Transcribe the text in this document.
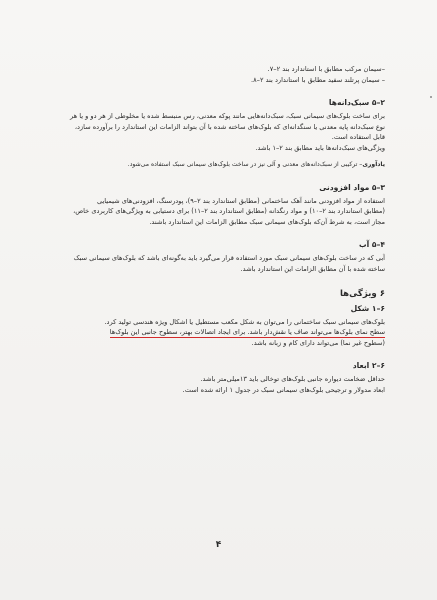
–سیمان مرکب مطابق با استاندارد بند ۲–۷.
– سیمان پرتلند سفید مطابق با استاندارد بند ۲–۸.
۲–۵ سبک‌دانه‌ها
برای ساخت بلوک‌های سیمانی سبک، سبک‌دانه‌هایی مانند پوکه معدنی، رس منبسط شده یا مخلوطی از هر دو و یا هر
نوع سبک‌دانه پایه معدنی یا سنگدانه‌ای که بلوک‌های ساخته شده با آن بتواند الزامات این استاندارد را برآورده سازد،
قابل استفاده است.
ویژگی‌های سبک‌دانه‌ها باید مطابق بند ۲–۱ باشد.
یادآوری– ترکیبی از سبک‌دانه‌های معدنی و آلی نیز در ساخت بلوک‌های سیمانی سبک استفاده می‌شود.
۳–۵ مواد افزودنی
استفاده از مواد افزودنی مانند آهک ساختمانی (مطابق استاندارد بند ۲–۹)، پودرسنگ، افزودنی‌های شیمیایی
(مطابق استاندارد بند ۲–۱۰) و مواد رنگدانه (مطابق استاندارد بند ۲–۱۱) برای دستیابی به ویژگی‌های کاربردی خاص،
مجاز است، به شرط آن‌که بلوک‌های سیمانی سبک مطابق الزامات این استاندارد باشند.
۴–۵ آب
آبی که در ساخت بلوک‌های سیمانی سبک مورد استفاده قرار می‌گیرد باید به‌گونه‌ای باشد که بلوک‌های سیمانی سبک
ساخته شده با آن مطابق الزامات این استاندارد باشد.
۶ ویژگی‌ها
۶–۱ شکل
بلوک‌های سیمانی سبک ساختمانی را می‌توان به شکل مکعب مستطیل یا اشکال ویژه هندسی تولید کرد.
سطح نمای بلوک‌ها می‌تواند صاف یا نقش‌دار باشد. برای ایجاد اتصالات بهتر، سطوح جانبی این بلوک‌ها
(سطوح غیر نما) می‌تواند دارای کام و زبانه باشد.
۶–۲ ابعاد
حداقل ضخامت دیواره جانبی بلوک‌های توخالی باید ۱۳میلی‌متر باشد.
ابعاد مدولار و ترجیحی بلوک‌های سیمانی سبک در جدول ۱ ارائه شده است.
۴
